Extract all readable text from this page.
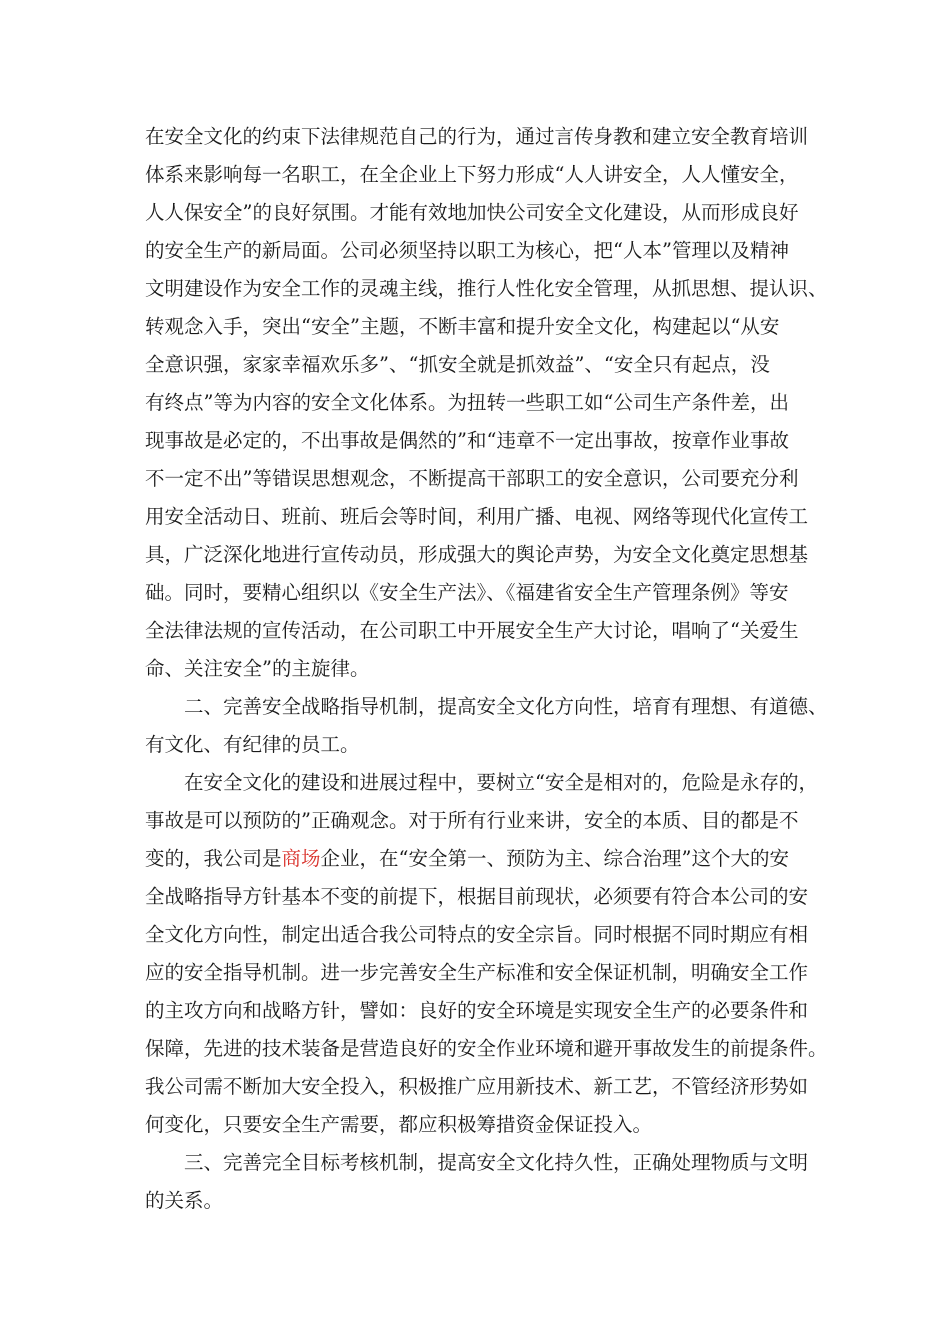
在安全文化的约束下法律规范自己的行为，通过言传身教和建立安全教育培训
体系来影响每一名职工，在全企业上下努力形成“人人讲安全，人人懂安全，
人人保安全”的良好氛围。才能有效地加快公司安全文化建设，从而形成良好
的安全生产的新局面。公司必须坚持以职工为核心，把“人本”管理以及精神
文明建设作为安全工作的灵魂主线，推行人性化安全管理，从抓思想、提认识、
转观念入手，突出“安全”主题，不断丰富和提升安全文化，构建起以“从安
全意识强，家家幸福欢乐多”、“抓安全就是抓效益”、“安全只有起点，没
有终点”等为内容的安全文化体系。为扭转一些职工如“公司生产条件差，出
现事故是必定的，不出事故是偶然的”和“违章不一定出事故，按章作业事故
不一定不出”等错误思想观念，不断提高干部职工的安全意识，公司要充分利
用安全活动日、班前、班后会等时间，利用广播、电视、网络等现代化宣传工
具，广泛深化地进行宣传动员，形成强大的舆论声势，为安全文化奠定思想基
础。同时，要精心组织以《安全生产法》、《福建省安全生产管理条例》等安
全法律法规的宣传活动，在公司职工中开展安全生产大讨论，唱响了“关爱生
命、关注安全”的主旋律。
二、完善安全战略指导机制，提高安全文化方向性，培育有理想、有道德、
有文化、有纪律的员工。
在安全文化的建设和进展过程中，要树立“安全是相对的，危险是永存的，
事故是可以预防的”正确观念。对于所有行业来讲，安全的本质、目的都是不
变的，我公司是商场企业，在“安全第一、预防为主、综合治理”这个大的安
全战略指导方针基本不变的前提下，根据目前现状，必须要有符合本公司的安
全文化方向性，制定出适合我公司特点的安全宗旨。同时根据不同时期应有相
应的安全指导机制。进一步完善安全生产标准和安全保证机制，明确安全工作
的主攻方向和战略方针，譬如：良好的安全环境是实现安全生产的必要条件和
保障，先进的技术装备是营造良好的安全作业环境和避开事故发生的前提条件。
我公司需不断加大安全投入，积极推广应用新技术、新工艺，不管经济形势如
何变化，只要安全生产需要，都应积极筹措资金保证投入。
三、完善完全目标考核机制，提高安全文化持久性，正确处理物质与文明
的关系。
